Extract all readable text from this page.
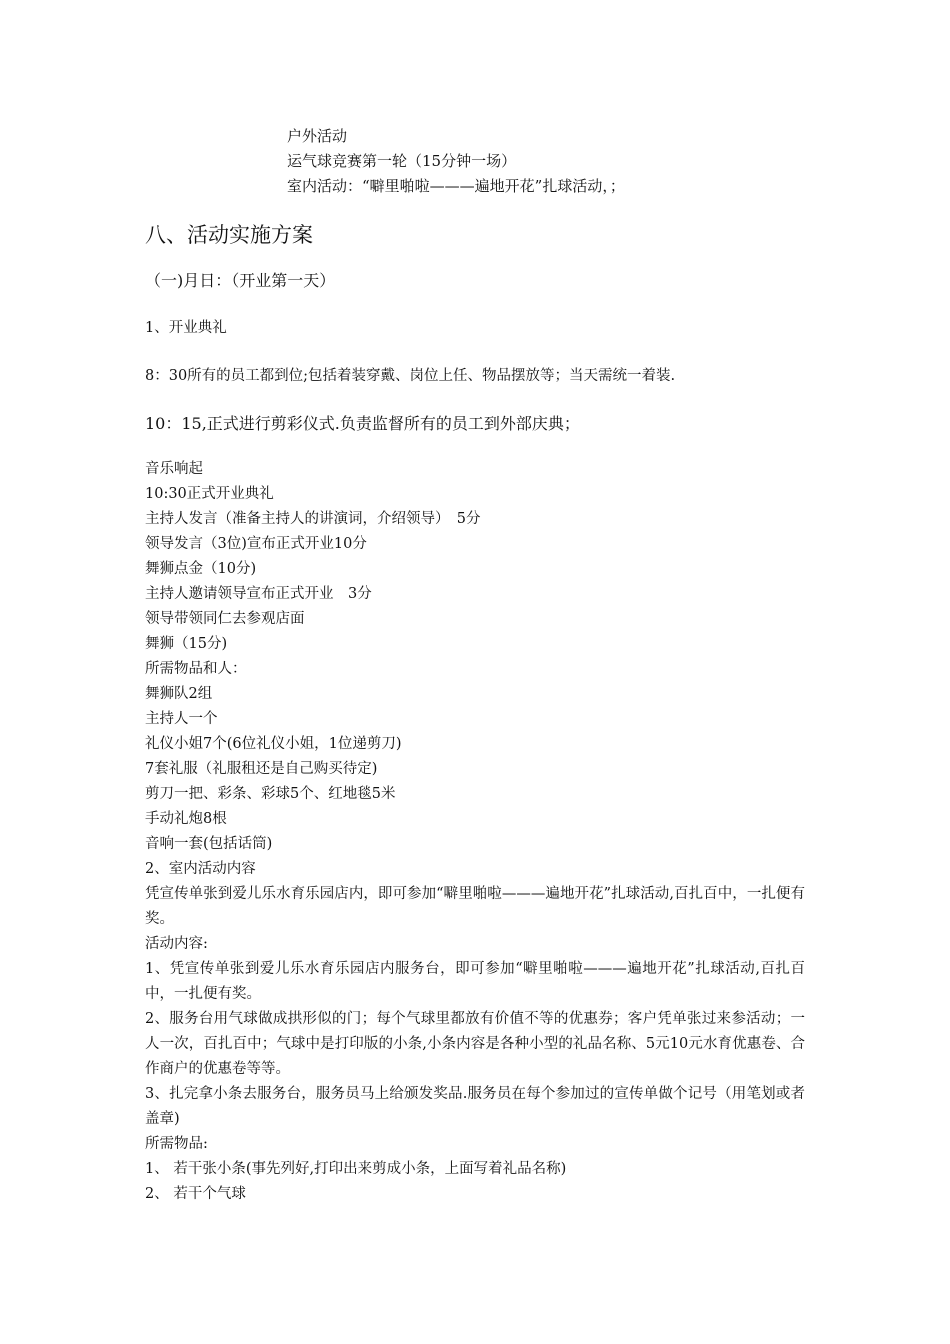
户外活动
运气球竞赛第一轮（15分钟一场）
室内活动：“噼里啪啦———遍地开花”扎球活动，；
八、活动实施方案
（一)月日：（开业第一天）
1、开业典礼
8：30所有的员工都到位;包括着装穿戴、岗位上任、物品摆放等；当天需统一着装.
10：15,正式进行剪彩仪式.负责监督所有的员工到外部庆典；
音乐响起
10:30正式开业典礼
主持人发言（准备主持人的讲演词，介绍领导）　5分
领导发言（3位)宣布正式开业10分
舞狮点金（10分)
主持人邀请领导宣布正式开业　3分
领导带领同仁去参观店面
舞狮（15分)
所需物品和人：
舞狮队2组
主持人一个
礼仪小姐7个(6位礼仪小姐，1位递剪刀)
7套礼服（礼服租还是自己购买待定)
剪刀一把、彩条、彩球5个、红地毯5米
手动礼炮8根
音响一套(包括话筒)
2、室内活动内容
凭宣传单张到爱儿乐水育乐园店内，即可参加“噼里啪啦———遍地开花”扎球活动,百扎百中，一扎便有奖。
活动内容:
1、凭宣传单张到爱儿乐水育乐园店内服务台，即可参加“噼里啪啦———遍地开花”扎球活动,百扎百中，一扎便有奖。
2、服务台用气球做成拱形似的门；每个气球里都放有价值不等的优惠券；客户凭单张过来参活动；一人一次，百扎百中；气球中是打印版的小条,小条内容是各种小型的礼品名称、5元10元水育优惠卷、合作商户的优惠卷等等。
3、扎完拿小条去服务台，服务员马上给颁发奖品.服务员在每个参加过的宣传单做个记号（用笔划或者盖章)
所需物品:
1、 若干张小条(事先列好,打印出来剪成小条，上面写着礼品名称)
2、 若干个气球
